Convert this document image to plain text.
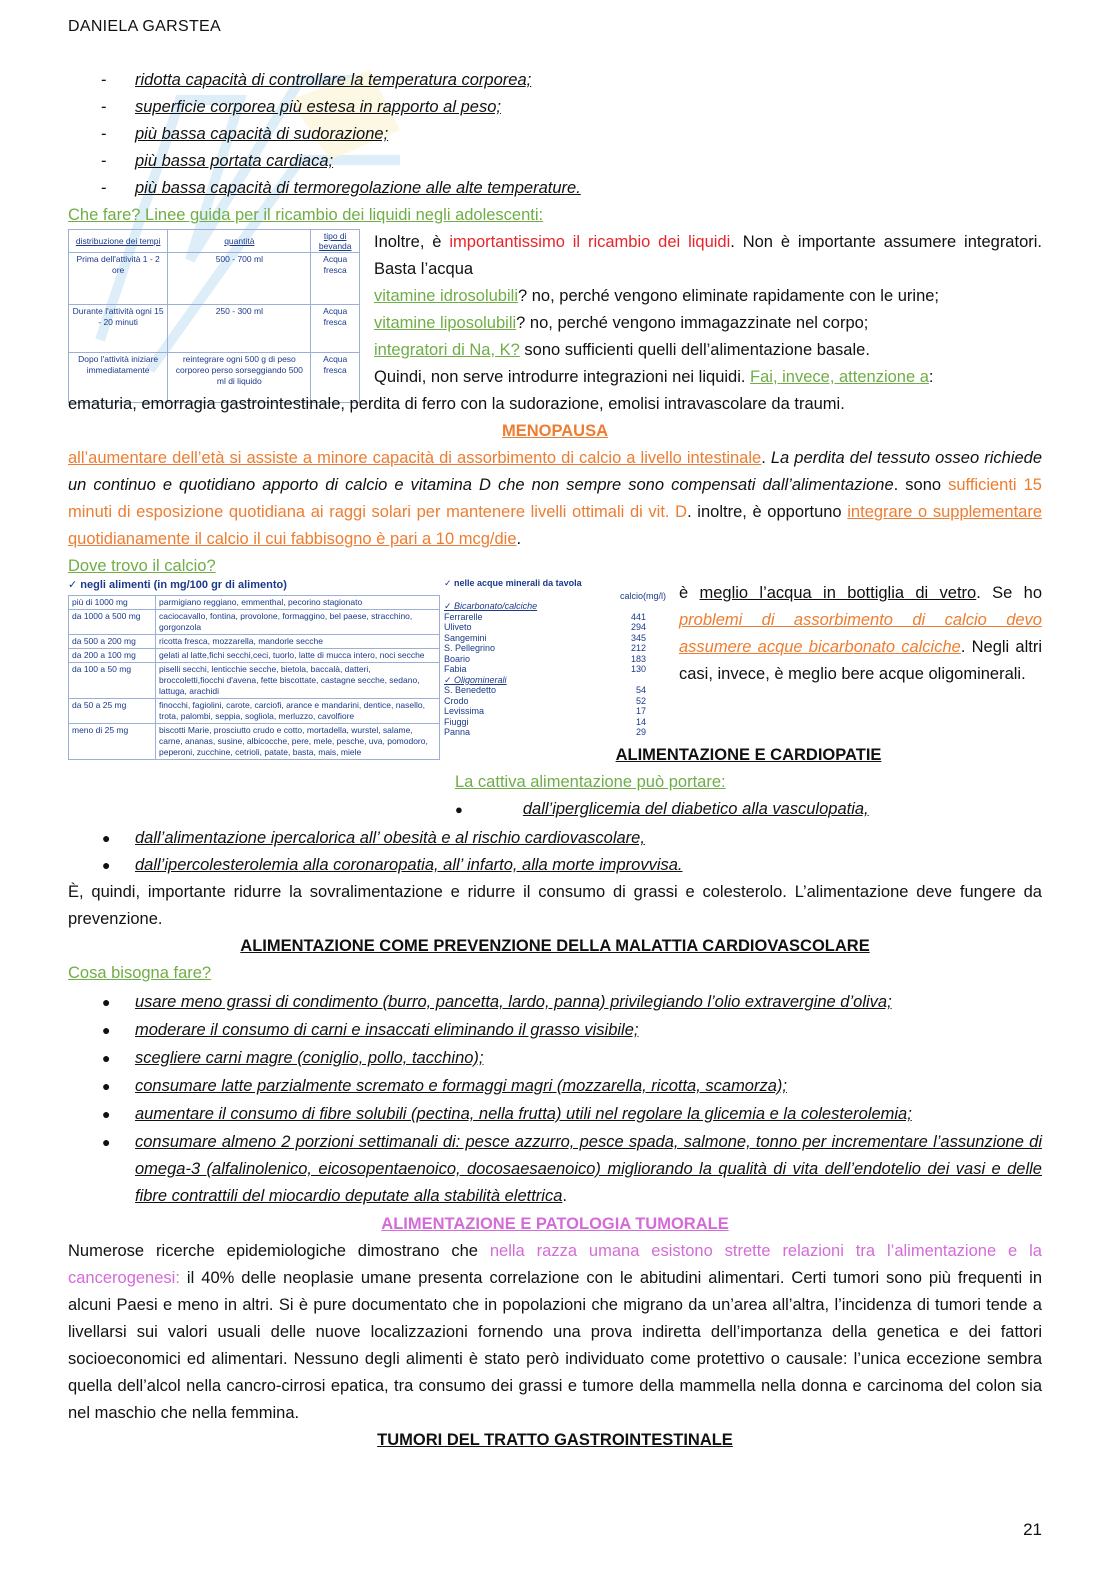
DANIELA GARSTEA
- ridotta capacità di controllare la temperatura corporea;
- superficie corporea più estesa in rapporto al peso;
- più bassa capacità di sudorazione;
- più bassa portata cardiaca;
- più bassa capacità di termoregolazione alle alte temperature.
Che fare? Linee guida per il ricambio dei liquidi negli adolescenti:
distribuzione dei tempi	quantità	tipo di bevanda
Prima dell'attività 1 - 2 ore	500 - 700 ml	Acqua fresca
Durante l'attività ogni 15 - 20 minuti	250 - 300 ml	Acqua fresca
Dopo l'attività iniziare immediatamente	reintegrare ogni 500 g di peso corporeo perso sorseggiando 500 ml di liquido	Acqua fresca
Inoltre, è importantissimo il ricambio dei liquidi. Non è importante assumere integratori. Basta l’acqua
vitamine idrosolubili? no, perché vengono eliminate rapidamente con le urine;
vitamine liposolubili? no, perché vengono immagazzinate nel corpo;
integratori di Na, K? sono sufficienti quelli dell’alimentazione basale.
Quindi, non serve introdurre integrazioni nei liquidi. Fai, invece, attenzione a:
ematuria, emorragia gastrointestinale, perdita di ferro con la sudorazione, emolisi intravascolare da traumi.
MENOPAUSA
all’aumentare dell’età si assiste a minore capacità di assorbimento di calcio a livello intestinale. La perdita del tessuto osseo richiede un continuo e quotidiano apporto di calcio e vitamina D che non sempre sono compensati dall’alimentazione. sono sufficienti 15 minuti di esposizione quotidiana ai raggi solari per mantenere livelli ottimali di vit. D. inoltre, è opportuno integrare o supplementare quotidianamente il calcio il cui fabbisogno è pari a 10 mcg/die.
Dove trovo il calcio?
✓ negli alimenti (in mg/100 gr di alimento)
più di 1000 mg	parmigiano reggiano, emmenthal, pecorino stagionato
da 1000 a 500 mg	caciocavallo, fontina, provolone, formaggino, bel paese, stracchino, gorgonzola
da 500 a 200 mg	ricotta fresca, mozzarella, mandorle secche
da 200 a 100 mg	gelati al latte,fichi secchi,ceci, tuorlo, latte di mucca intero, noci secche
da 100 a 50 mg	piselli secchi, lenticchie secche, bietola, baccalà, datteri, broccoletti,fiocchi d'avena, fette biscottate, castagne secche, sedano, lattuga, arachidi
da 50 a 25 mg	finocchi, fagiolini, carote, carciofi, arance e mandarini, dentice, nasello, trota, palombi, seppia, sogliola, merluzzo, cavolfiore
meno di 25 mg	biscotti Marie, prosciutto crudo e cotto, mortadella, wurstel, salame, carne, ananas, susine, albicocche, pere, mele, pesche, uva, pomodoro, peperoni, zucchine, cetrioli, patate, basta, mais, miele
✓ nelle acque minerali da tavola
calcio(mg/l)
✓ Bicarbonato/calciche
Ferrarelle	441
Uliveto	294
Sangemini	345
S. Pellegrino	212
Boario	183
Fabia	130
✓ Oligominerali
S. Benedetto	54
Crodo	52
Levissima	17
Fiuggi	14
Panna	29
è meglio l’acqua in bottiglia di vetro. Se ho problemi di assorbimento di calcio devo assumere acque bicarbonato calciche. Negli altri casi, invece, è meglio bere acque oligominerali.
ALIMENTAZIONE E CARDIOPATIE
La cattiva alimentazione può portare:
●	dall’iperglicemia del diabetico alla vasculopatia,
● dall’alimentazione ipercalorica all’ obesità e al rischio cardiovascolare,
● dall’ipercolesterolemia alla coronaropatia, all’ infarto, alla morte improvvisa.
È, quindi, importante ridurre la sovralimentazione e ridurre il consumo di grassi e colesterolo. L’alimentazione deve fungere da prevenzione.
ALIMENTAZIONE COME PREVENZIONE DELLA MALATTIA CARDIOVASCOLARE
Cosa bisogna fare?
● usare meno grassi di condimento (burro, pancetta, lardo, panna) privilegiando l’olio extravergine d’oliva;
● moderare il consumo di carni e insaccati eliminando il grasso visibile;
● scegliere carni magre (coniglio, pollo, tacchino);
● consumare latte parzialmente scremato e formaggi magri (mozzarella, ricotta, scamorza);
● aumentare il consumo di fibre solubili (pectina, nella frutta) utili nel regolare la glicemia e la colesterolemia;
● consumare almeno 2 porzioni settimanali di: pesce azzurro, pesce spada, salmone, tonno per incrementare l’assunzione di omega-3 (alfalinolenico, eicosopentaenoico, docosaesaenoico) migliorando la qualità di vita dell’endotelio dei vasi e delle fibre contrattili del miocardio deputate alla stabilità elettrica.
ALIMENTAZIONE E PATOLOGIA TUMORALE
Numerose ricerche epidemiologiche dimostrano che nella razza umana esistono strette relazioni tra l’alimentazione e la cancerogenesi: il 40% delle neoplasie umane presenta correlazione con le abitudini alimentari. Certi tumori sono più frequenti in alcuni Paesi e meno in altri. Si è pure documentato che in popolazioni che migrano da un’area all’altra, l’incidenza di tumori tende a livellarsi sui valori usuali delle nuove localizzazioni fornendo una prova indiretta dell’importanza della genetica e dei fattori socioeconomici ed alimentari. Nessuno degli alimenti è stato però individuato come protettivo o causale: l’unica eccezione sembra quella dell’alcol nella cancro-cirrosi epatica, tra consumo dei grassi e tumore della mammella nella donna e carcinoma del colon sia nel maschio che nella femmina.
TUMORI DEL TRATTO GASTROINTESTINALE
21
